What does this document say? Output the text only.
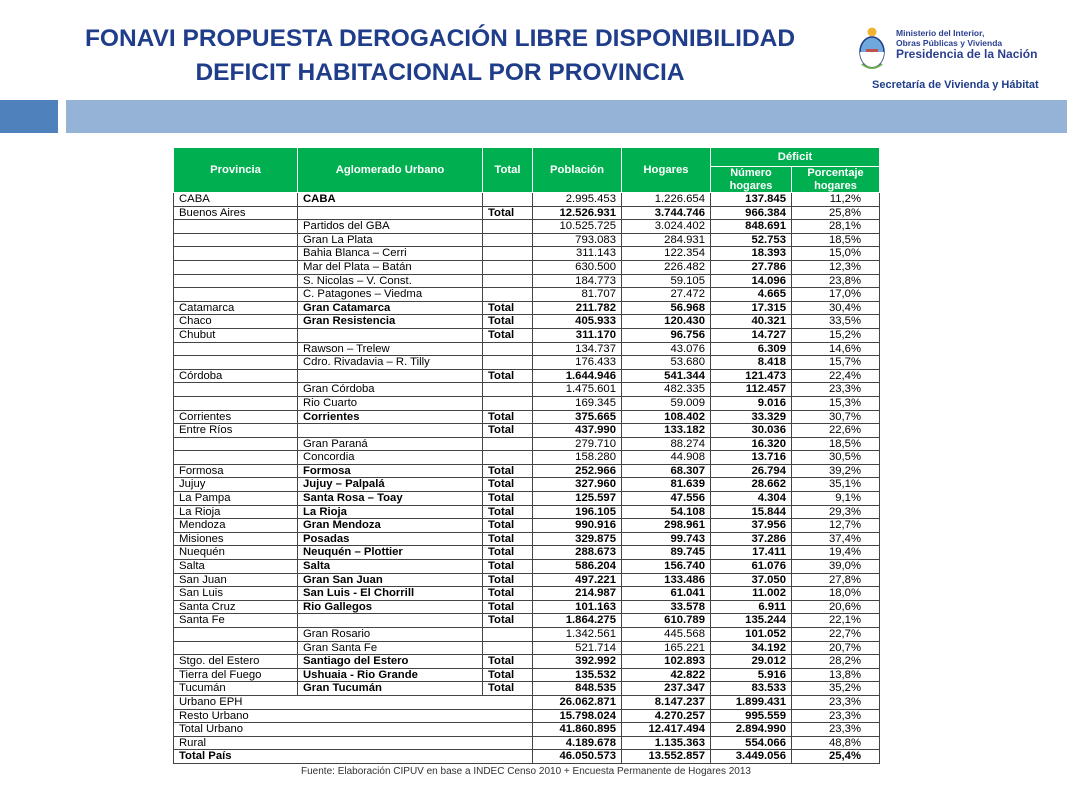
FONAVI PROPUESTA DEROGACIÓN LIBRE DISPONIBILIDAD
DEFICIT HABITACIONAL POR PROVINCIA
Ministerio del Interior,
Obras Públicas y Vivienda
Presidencia de la Nación
Secretaría de Vivienda y Hábitat
Provincia	Aglomerado Urbano	Total	Población	Hogares	Déficit	
					Número hogares	Porcentaje hogares
CABA	CABA		2.995.453	1.226.654	137.845	11,2%
Buenos Aires		Total	12.526.931	3.744.746	966.384	25,8%
	Partidos del GBA		10.525.725	3.024.402	848.691	28,1%
	Gran La Plata		793.083	284.931	52.753	18,5%
	Bahia Blanca – Cerri		311.143	122.354	18.393	15,0%
	Mar del Plata – Batán		630.500	226.482	27.786	12,3%
	S. Nicolas – V. Const.		184.773	59.105	14.096	23,8%
	C. Patagones – Viedma		81.707	27.472	4.665	17,0%
Catamarca	Gran Catamarca	Total	211.782	56.968	17.315	30,4%
Chaco	Gran Resistencia	Total	405.933	120.430	40.321	33,5%
Chubut		Total	311.170	96.756	14.727	15,2%
	Rawson – Trelew		134.737	43.076	6.309	14,6%
	Cdro. Rivadavia – R. Tilly		176.433	53.680	8.418	15,7%
Córdoba		Total	1.644.946	541.344	121.473	22,4%
	Gran Córdoba		1.475.601	482.335	112.457	23,3%
	Rio Cuarto		169.345	59.009	9.016	15,3%
Corrientes	Corrientes	Total	375.665	108.402	33.329	30,7%
Entre Ríos		Total	437.990	133.182	30.036	22,6%
	Gran Paraná		279.710	88.274	16.320	18,5%
	Concordia		158.280	44.908	13.716	30,5%
Formosa	Formosa	Total	252.966	68.307	26.794	39,2%
Jujuy	Jujuy – Palpalá	Total	327.960	81.639	28.662	35,1%
La Pampa	Santa Rosa – Toay	Total	125.597	47.556	4.304	9,1%
La Rioja	La Rioja	Total	196.105	54.108	15.844	29,3%
Mendoza	Gran Mendoza	Total	990.916	298.961	37.956	12,7%
Misiones	Posadas	Total	329.875	99.743	37.286	37,4%
Nuequén	Neuquén – Plottier	Total	288.673	89.745	17.411	19,4%
Salta	Salta	Total	586.204	156.740	61.076	39,0%
San Juan	Gran San Juan	Total	497.221	133.486	37.050	27,8%
San Luis	San Luis - El Chorrill	Total	214.987	61.041	11.002	18,0%
Santa Cruz	Rio Gallegos	Total	101.163	33.578	6.911	20,6%
Santa Fe		Total	1.864.275	610.789	135.244	22,1%
	Gran Rosario		1.342.561	445.568	101.052	22,7%
	Gran Santa Fe		521.714	165.221	34.192	20,7%
Stgo. del Estero	Santiago del Estero	Total	392.992	102.893	29.012	28,2%
Tierra del Fuego	Ushuaia - Rio Grande	Total	135.532	42.822	5.916	13,8%
Tucumán	Gran Tucumán	Total	848.535	237.347	83.533	35,2%
Urbano EPH			26.062.871	8.147.237	1.899.431	23,3%
Resto Urbano			15.798.024	4.270.257	995.559	23,3%
Total Urbano			41.860.895	12.417.494	2.894.990	23,3%
Rural			4.189.678	1.135.363	554.066	48,8%
Total País			46.050.573	13.552.857	3.449.056	25,4%
Fuente: Elaboración CIPUV en base a INDEC Censo 2010 + Encuesta Permanente de Hogares 2013
